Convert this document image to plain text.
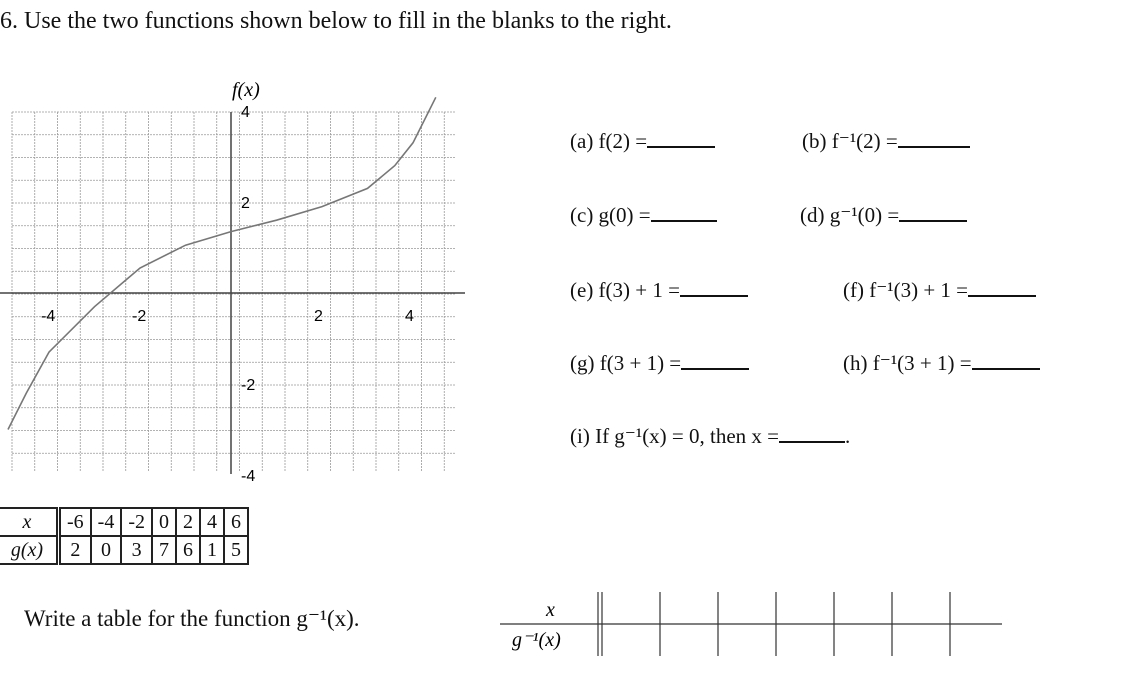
6. Use the two functions shown below to fill in the blanks to the right.
f(x)
-4	-2	2	4
4
2
-2
-4
(a) f(2) =	(b) f⁻¹(2) =
(c) g(0) =	(d) g⁻¹(0) =
(e) f(3) + 1 =	(f) f⁻¹(3) + 1 =
(g) f(3 + 1) =	(h) f⁻¹(3 + 1) =
(i) If g⁻¹(x) = 0, then x =	.
x	-6	-4	-2	0	2	4	6
g(x)	2	0	3	7	6	1	5
Write a table for the function g⁻¹(x).	x
g⁻¹(x)
